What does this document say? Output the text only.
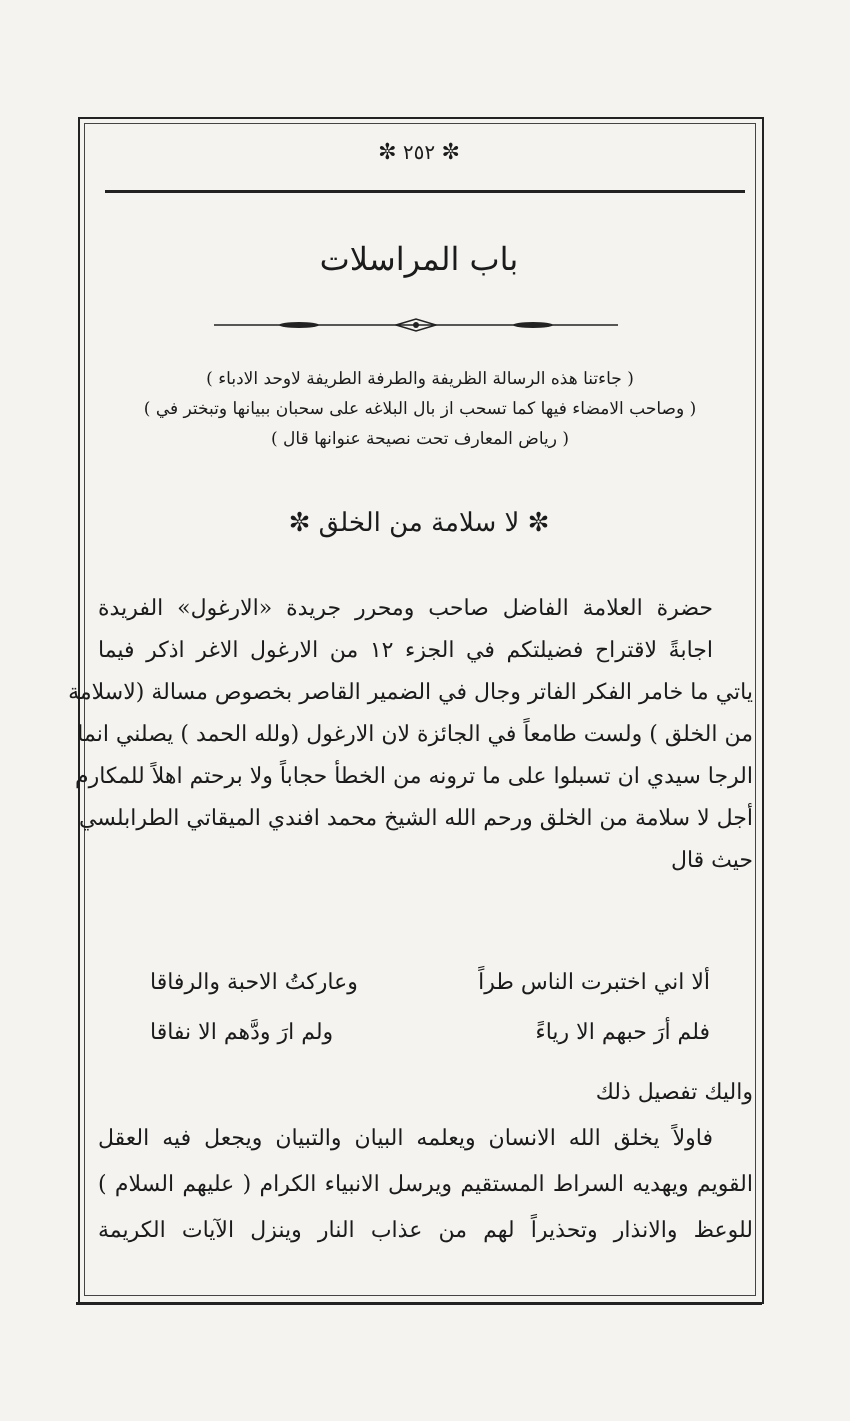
✼ ٢٥٢ ✼
باب المراسلات
( جاءتنا هذه الرسالة الظريفة والطرفة الطريفة لاوحد الادباء )
( وصاحب الامضاء فيها كما تسحب از بال البلاغه على سحبان ببيانها وتبختر في )
( رياض المعارف تحت نصيحة عنوانها قال )
✼ لا سلامة من الخلق ✼
حضرة العلامة الفاضل صاحب ومحرر جريدة «الارغول» الفريدة
اجابةً لاقتراح فضيلتكم في الجزء ١٢ من الارغول الاغر اذكر فيما
ياتي ما خامر الفكر الفاتر وجال في الضمير القاصر بخصوص مسالة (لاسلامة
من الخلق ) ولست طامعاً في الجائزة لان الارغول (ولله الحمد ) يصلني انما
الرجا سيدي ان تسبلوا على ما ترونه من الخطأ حجاباً ولا برحتم اهلاً للمكارم
أجل لا سلامة من الخلق ورحم الله الشيخ محمد افندي الميقاتي الطرابلسي
حيث قال
ألا اني اختبرت الناس طراً
وعاركتُ الاحبة والرفاقا
فلم أرَ حبهم الا رياءً
ولم ارَ ودَّهم الا نفاقا
واليك تفصيل ذلك
فاولاً يخلق الله الانسان ويعلمه البيان والتبيان ويجعل فيه العقل
القويم ويهديه السراط المستقيم ويرسل الانبياء الكرام ( عليهم السلام )
للوعظ والانذار وتحذيراً لهم من عذاب النار وينزل الآيات الكريمة
